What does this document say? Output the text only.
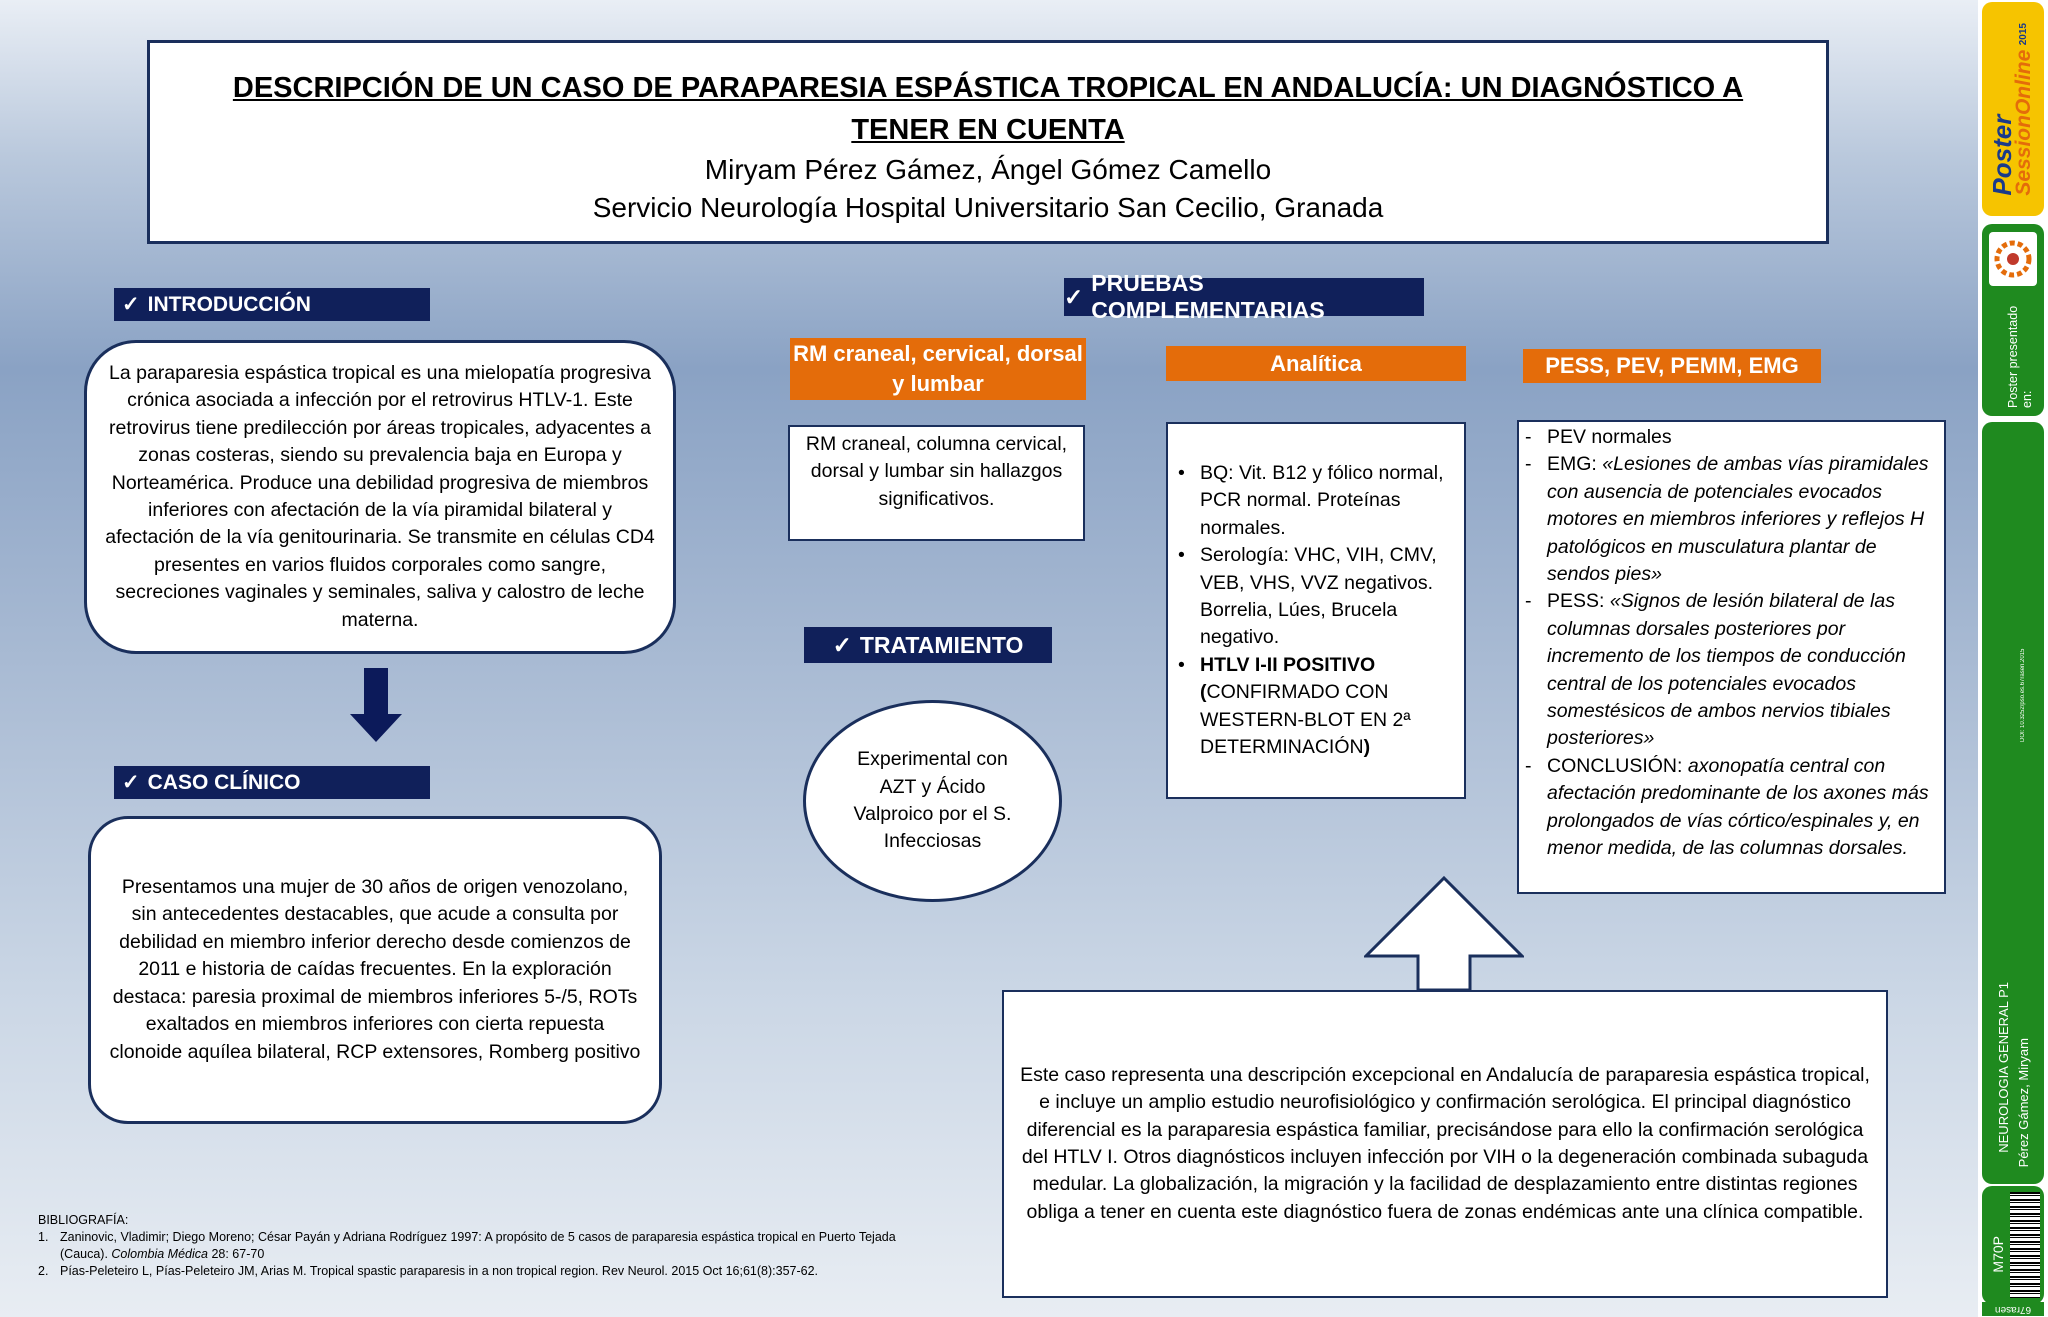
DESCRIPCIÓN DE UN CASO DE PARAPARESIA ESPÁSTICA TROPICAL EN ANDALUCÍA: UN DIAGNÓSTICO A TENER EN CUENTA
Miryam Pérez Gámez, Ángel Gómez Camello
Servicio Neurología Hospital Universitario San Cecilio, Granada
✓ INTRODUCCIÓN
La paraparesia espástica tropical es una mielopatía progresiva crónica asociada a infección por el retrovirus HTLV-1. Este retrovirus tiene predilección por áreas tropicales, adyacentes a zonas costeras, siendo su prevalencia baja en Europa y Norteamérica. Produce una debilidad progresiva de miembros inferiores con afectación de la vía piramidal bilateral y afectación de la vía genitourinaria. Se transmite en células CD4 presentes en varios fluidos corporales como sangre, secreciones vaginales y seminales, saliva y calostro de leche materna.
✓ CASO CLÍNICO
Presentamos una mujer de 30 años de origen venozolano, sin antecedentes destacables, que acude a consulta por debilidad en miembro inferior derecho desde comienzos de 2011 e historia de caídas frecuentes. En la exploración destaca: paresia proximal de miembros inferiores 5-/5, ROTs exaltados en miembros inferiores con cierta repuesta clonoide aquílea bilateral, RCP extensores, Romberg positivo
✓
PRUEBAS COMPLEMENTARIAS
RM craneal, cervical, dorsal y lumbar
RM craneal, columna cervical, dorsal y lumbar sin hallazgos significativos.
✓ TRATAMIENTO
Experimental con AZT y Ácido Valproico por el S. Infecciosas
Analítica
• BQ: Vit. B12 y fólico normal, PCR normal. Proteínas normales.
• Serología: VHC, VIH, CMV, VEB, VHS, VVZ negativos. Borrelia, Lúes, Brucela negativo.
• HTLV I-II POSITIVO
(CONFIRMADO CON WESTERN-BLOT EN 2ª DETERMINACIÓN)
PESS, PEV, PEMM, EMG
- PEV normales
- EMG: «Lesiones de ambas vías piramidales con ausencia de potenciales evocados motores en miembros inferiores y reflejos H patológicos en musculatura plantar de sendos pies»
- PESS: «Signos de lesión bilateral de las columnas dorsales posteriores por incremento de los tiempos de conducción central de los potenciales evocados somestésicos de ambos nervios tibiales posteriores»
- CONCLUSIÓN: axonopatía central con afectación predominante de los axones más prolongados de vías córtico/espinales y, en menor medida, de las columnas dorsales.
Este caso representa una descripción excepcional en Andalucía de paraparesia espástica tropical, e incluye un amplio estudio neurofisiológico y confirmación serológica. El principal diagnóstico diferencial es la paraparesia espástica familiar, precisándose para ello la confirmación serológica del HTLV I. Otros diagnósticos incluyen infección por VIH o la degeneración combinada subaguda medular. La globalización, la migración y la facilidad de desplazamiento entre distintas regiones obliga a tener en cuenta este diagnóstico fuera de zonas endémicas ante una clínica compatible.
BIBLIOGRAFÍA:
1. Zaninovic, Vladimir; Diego Moreno; César Payán y Adriana Rodríguez 1997: A propósito de 5 casos de paraparesia espástica tropical en Puerto Tejada (Cauca). Colombia Médica 28: 67-70
2. Pías-Peleteiro L, Pías-Peleteiro JM, Arias M. Tropical spastic paraparesis in a non tropical region. Rev Neurol. 2015 Oct 16;61(8):357-62.
Poster
SessionOnline 2015
Poster presentado en:
DOI: 10.3252/pso.es.67rasen.2015
NEUROLOGIA GENERAL P1 Pérez Gámez, Miryam
M70P
67rasen
